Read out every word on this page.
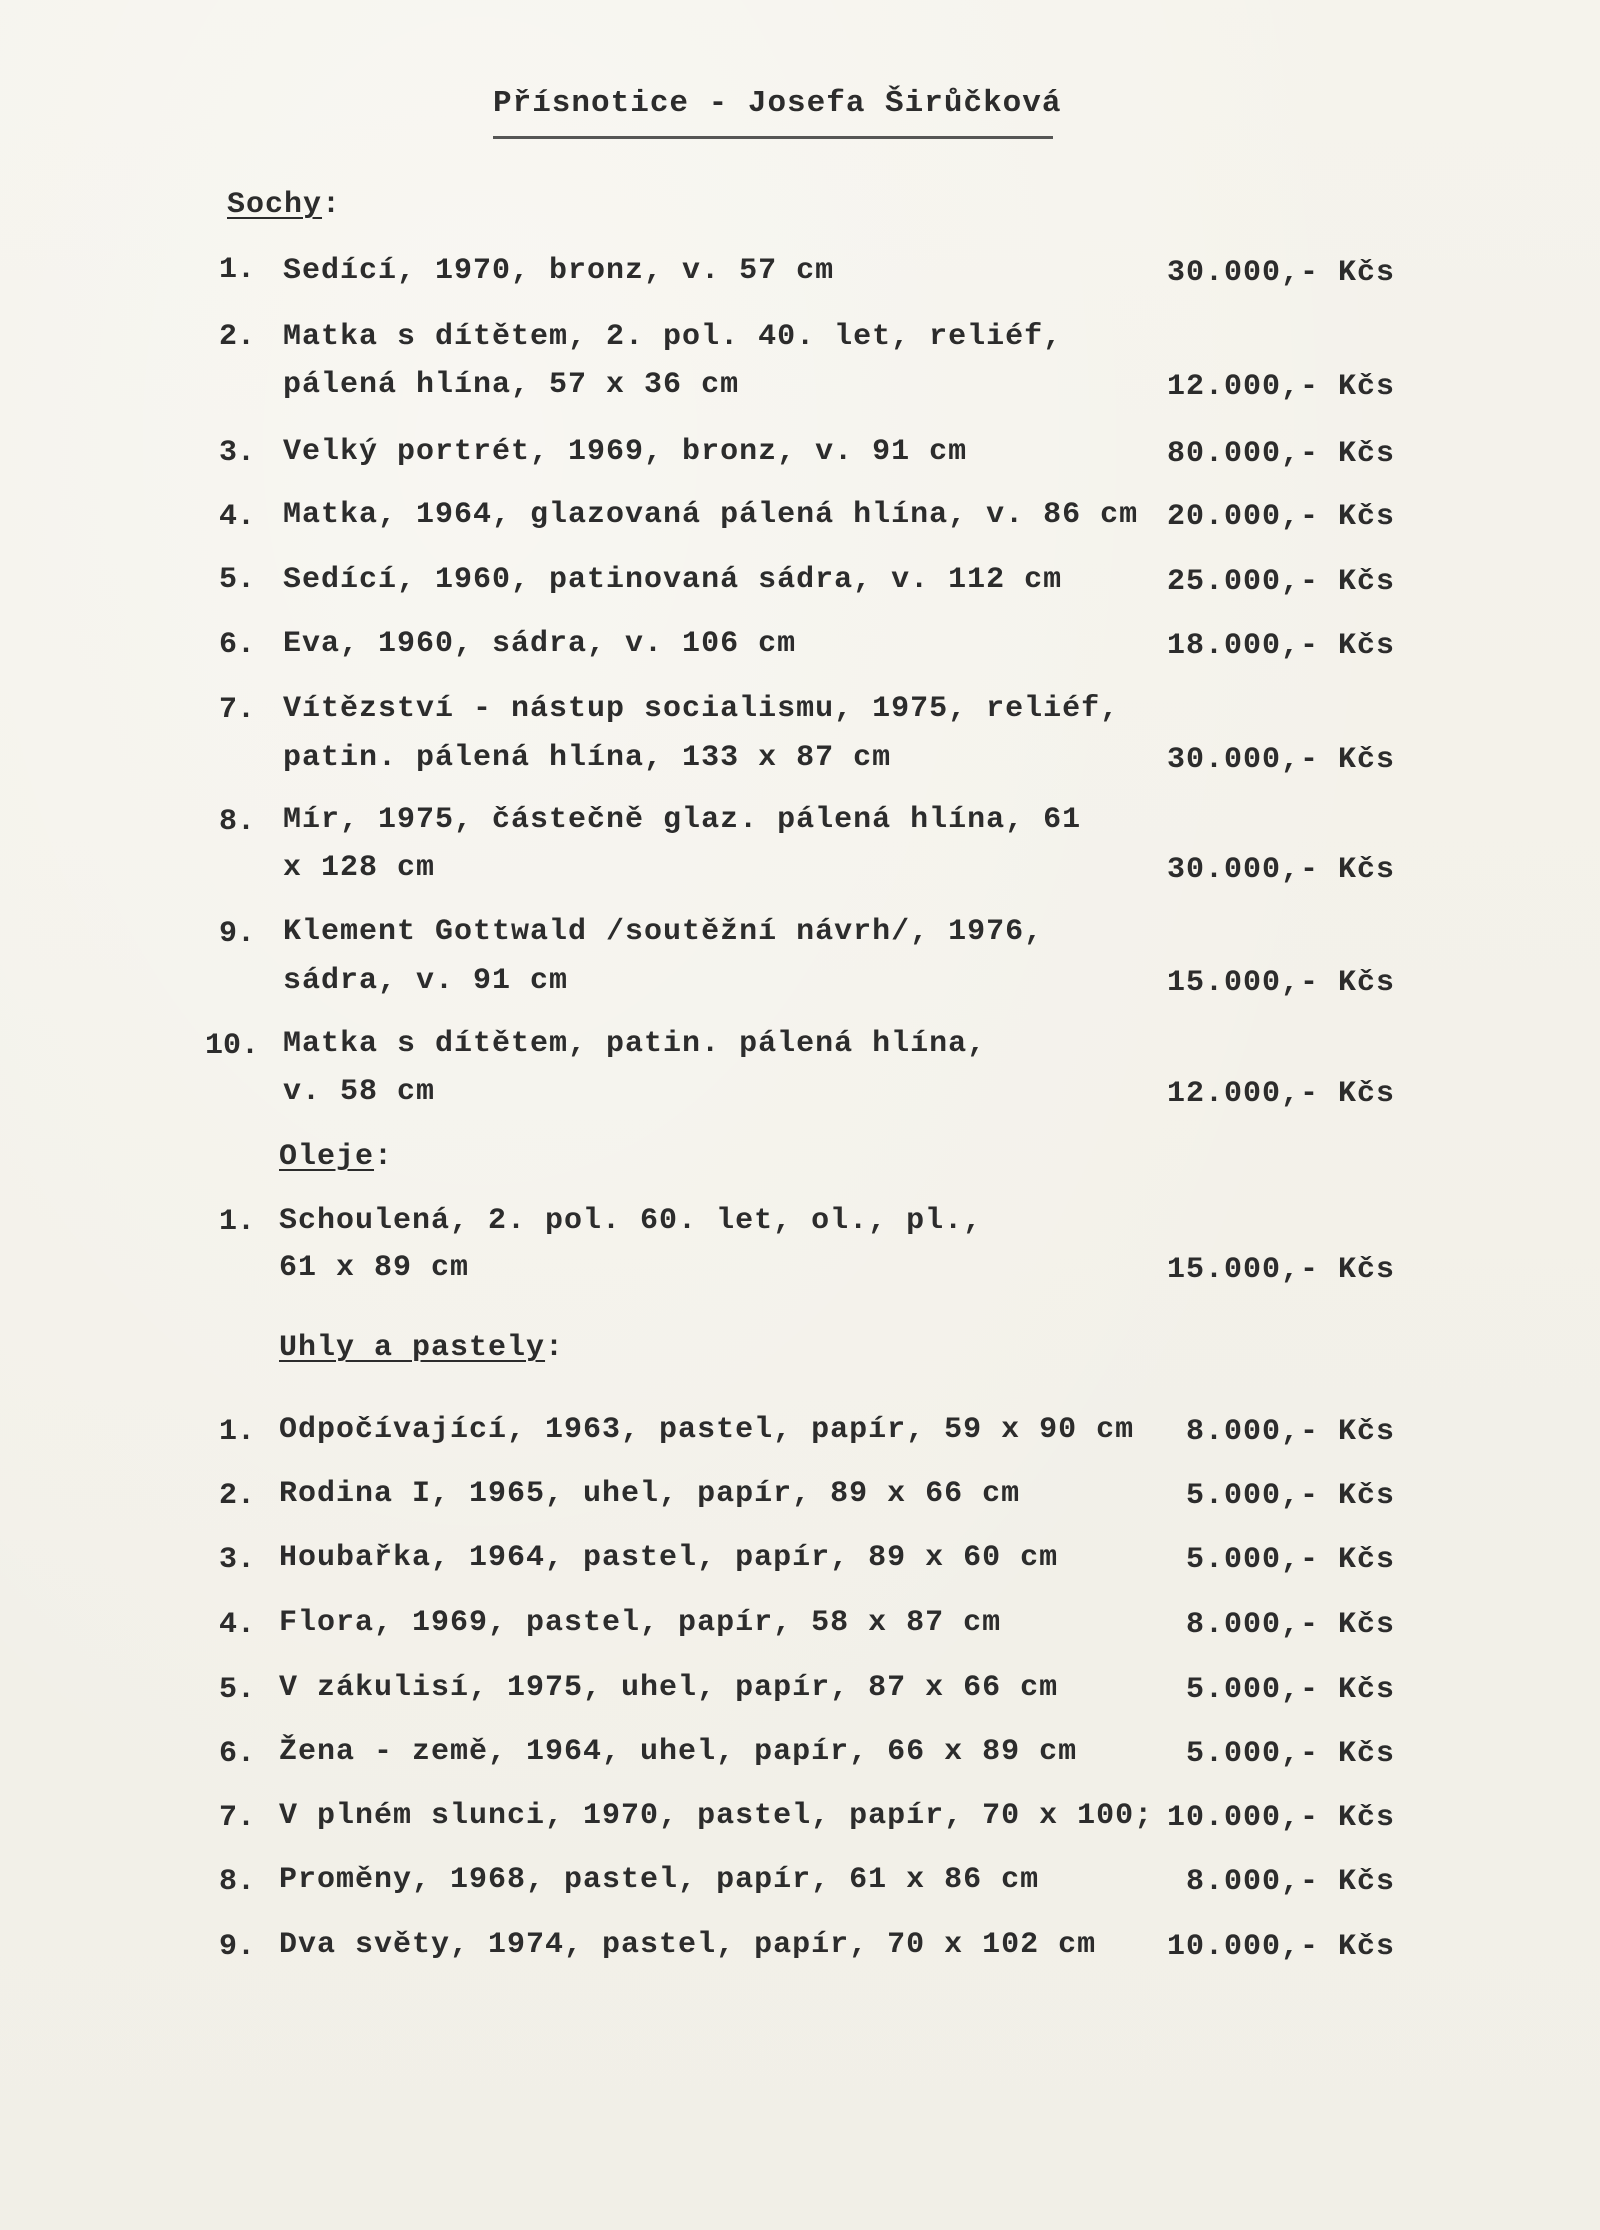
Přísnotice - Josefa Širůčková
Sochy:
1. Sedící, 1970, bronz, v. 57 cm	30.000,- Kčs
2. Matka s dítětem, 2. pol. 40. let, reliéf,
pálená hlína, 57 x 36 cm	12.000,- Kčs
3. Velký portrét, 1969, bronz, v. 91 cm	80.000,- Kčs
4. Matka, 1964, glazovaná pálená hlína, v. 86 cm 20.000,- Kčs
5. Sedící, 1960, patinovaná sádra, v. 112 cm	25.000,- Kčs
6. Eva, 1960, sádra, v. 106 cm	18.000,- Kčs
7. Vítězství - nástup socialismu, 1975, reliéf,
patin. pálená hlína, 133 x 87 cm	30.000,- Kčs
8. Mír, 1975, částečně glaz. pálená hlína, 61
x 128 cm	30.000,- Kčs
9. Klement Gottwald /soutěžní návrh/, 1976,
sádra, v. 91 cm	15.000,- Kčs
10. Matka s dítětem, patin. pálená hlína,
v. 58 cm	12.000,- Kčs
Oleje:
1. Schoulená, 2. pol. 60. let, ol., pl.,
61 x 89 cm	15.000,- Kčs
Uhly a pastely:
1. Odpočívající, 1963, pastel, papír, 59 x 90 cm 8.000,- Kčs
2. Rodina I, 1965, uhel, papír, 89 x 66 cm	5.000,- Kčs
3. Houbařka, 1964, pastel, papír, 89 x 60 cm	5.000,- Kčs
4. Flora, 1969, pastel, papír, 58 x 87 cm	8.000,- Kčs
5. V zákulisí, 1975, uhel, papír, 87 x 66 cm	5.000,- Kčs
6. Žena - země, 1964, uhel, papír, 66 x 89 cm	5.000,- Kčs
7. V plném slunci, 1970, pastel, papír, 70 x 100; 10.000,- Kčs
8. Proměny, 1968, pastel, papír, 61 x 86 cm	8.000,- Kčs
9. Dva světy, 1974, pastel, papír, 70 x 102 cm 10.000,- Kčs
